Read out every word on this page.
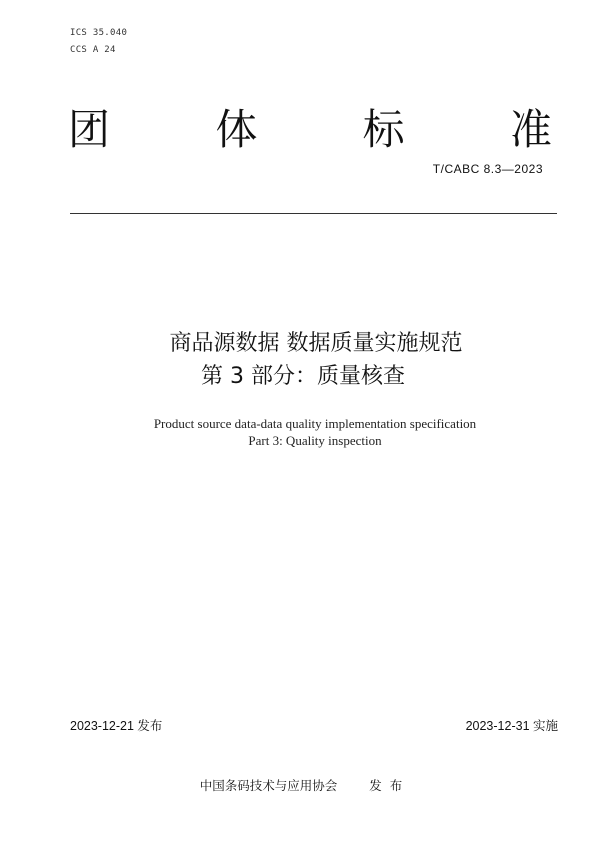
ICS 35.040
CCS A 24
团	体	标	准
T/CABC 8.3—2023
商品源数据 数据质量实施规范
第 3 部分：质量核查
Product source data-data quality implementation specification
Part 3: Quality inspection
2023-12-21 发布	2023-12-31 实施
中国条码技术与应用协会	发布
